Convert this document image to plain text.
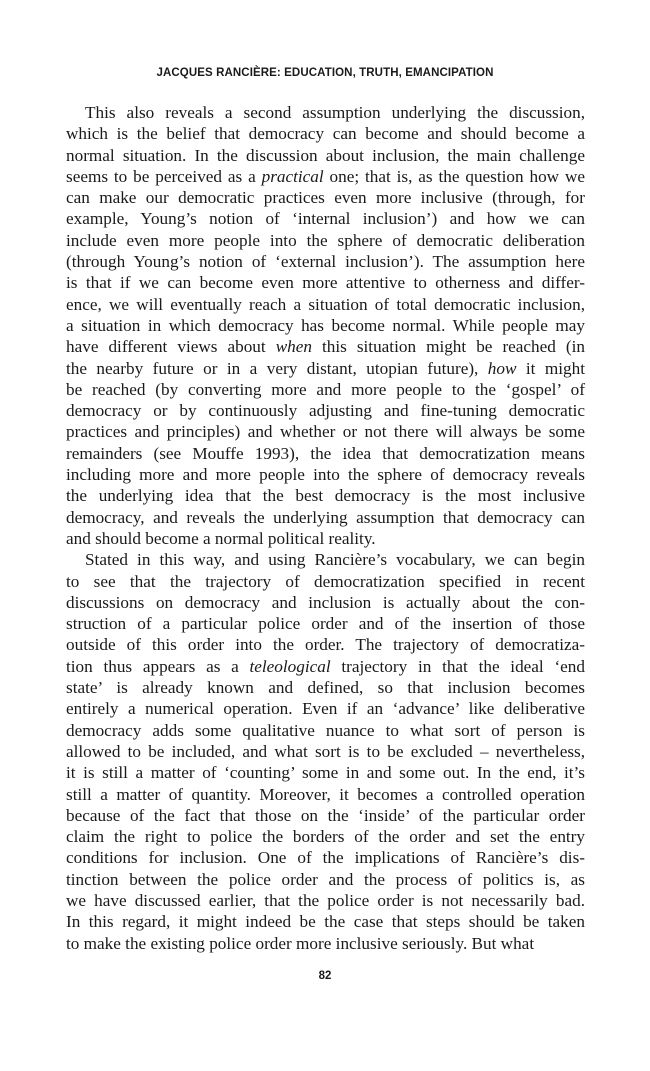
JACQUES RANCIÈRE: EDUCATION, TRUTH, EMANCIPATION
This also reveals a second assumption underlying the discussion,
which is the belief that democracy can become and should become a
normal situation. In the discussion about inclusion, the main challenge
seems to be perceived as a practical one; that is, as the question how we
can make our democratic practices even more inclusive (through, for
example, Young’s notion of ‘internal inclusion’) and how we can
include even more people into the sphere of democratic deliberation
(through Young’s notion of ‘external inclusion’). The assumption here
is that if we can become even more attentive to otherness and differ-
ence, we will eventually reach a situation of total democratic inclusion,
a situation in which democracy has become normal. While people may
have different views about when this situation might be reached (in
the nearby future or in a very distant, utopian future), how it might
be reached (by converting more and more people to the ‘gospel’ of
democracy or by continuously adjusting and fine-tuning democratic
practices and principles) and whether or not there will always be some
remainders (see Mouffe 1993), the idea that democratization means
including more and more people into the sphere of democracy reveals
the underlying idea that the best democracy is the most inclusive
democracy, and reveals the underlying assumption that democracy can
and should become a normal political reality.
Stated in this way, and using Rancière’s vocabulary, we can begin
to see that the trajectory of democratization specified in recent
discussions on democracy and inclusion is actually about the con-
struction of a particular police order and of the insertion of those
outside of this order into the order. The trajectory of democratiza-
tion thus appears as a teleological trajectory in that the ideal ‘end
state’ is already known and defined, so that inclusion becomes
entirely a numerical operation. Even if an ‘advance’ like deliberative
democracy adds some qualitative nuance to what sort of person is
allowed to be included, and what sort is to be excluded – nevertheless,
it is still a matter of ‘counting’ some in and some out. In the end, it’s
still a matter of quantity. Moreover, it becomes a controlled operation
because of the fact that those on the ‘inside’ of the particular order
claim the right to police the borders of the order and set the entry
conditions for inclusion. One of the implications of Rancière’s dis-
tinction between the police order and the process of politics is, as
we have discussed earlier, that the police order is not necessarily bad.
In this regard, it might indeed be the case that steps should be taken
to make the existing police order more inclusive seriously. But what
82
